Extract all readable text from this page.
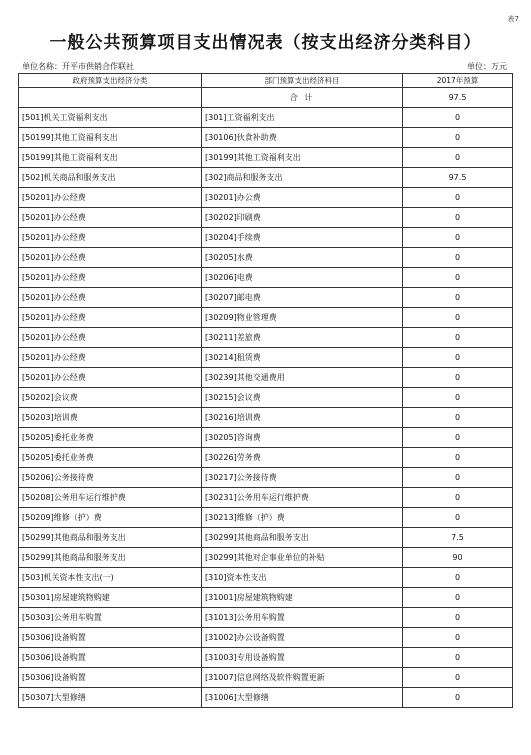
表7
一般公共预算项目支出情况表（按支出经济分类科目）
单位名称：开平市供销合作联社	单位：万元
政府预算支出经济分类	部门预算支出经济科目	2017年预算
	合 计	97.5
[501]机关工资福利支出	[301]工资福利支出	0
[50199]其他工资福利支出	[30106]伙食补助费	0
[50199]其他工资福利支出	[30199]其他工资福利支出	0
[502]机关商品和服务支出	[302]商品和服务支出	97.5
[50201]办公经费	[30201]办公费	0
[50201]办公经费	[30202]印刷费	0
[50201]办公经费	[30204]手续费	0
[50201]办公经费	[30205]水费	0
[50201]办公经费	[30206]电费	0
[50201]办公经费	[30207]邮电费	0
[50201]办公经费	[30209]物业管理费	0
[50201]办公经费	[30211]差旅费	0
[50201]办公经费	[30214]租赁费	0
[50201]办公经费	[30239]其他交通费用	0
[50202]会议费	[30215]会议费	0
[50203]培训费	[30216]培训费	0
[50205]委托业务费	[30205]咨询费	0
[50205]委托业务费	[30226]劳务费	0
[50206]公务接待费	[30217]公务接待费	0
[50208]公务用车运行维护费	[30231]公务用车运行维护费	0
[50209]维修（护）费	[30213]维修（护）费	0
[50299]其他商品和服务支出	[30299]其他商品和服务支出	7.5
[50299]其他商品和服务支出	[30299]其他对企事业单位的补贴	90
[503]机关资本性支出(一)	[310]资本性支出	0
[50301]房屋建筑物购建	[31001]房屋建筑物购建	0
[50303]公务用车购置	[31013]公务用车购置	0
[50306]设备购置	[31002]办公设备购置	0
[50306]设备购置	[31003]专用设备购置	0
[50306]设备购置	[31007]信息网络及软件购置更新	0
[50307]大型修缮	[31006]大型修缮	0
